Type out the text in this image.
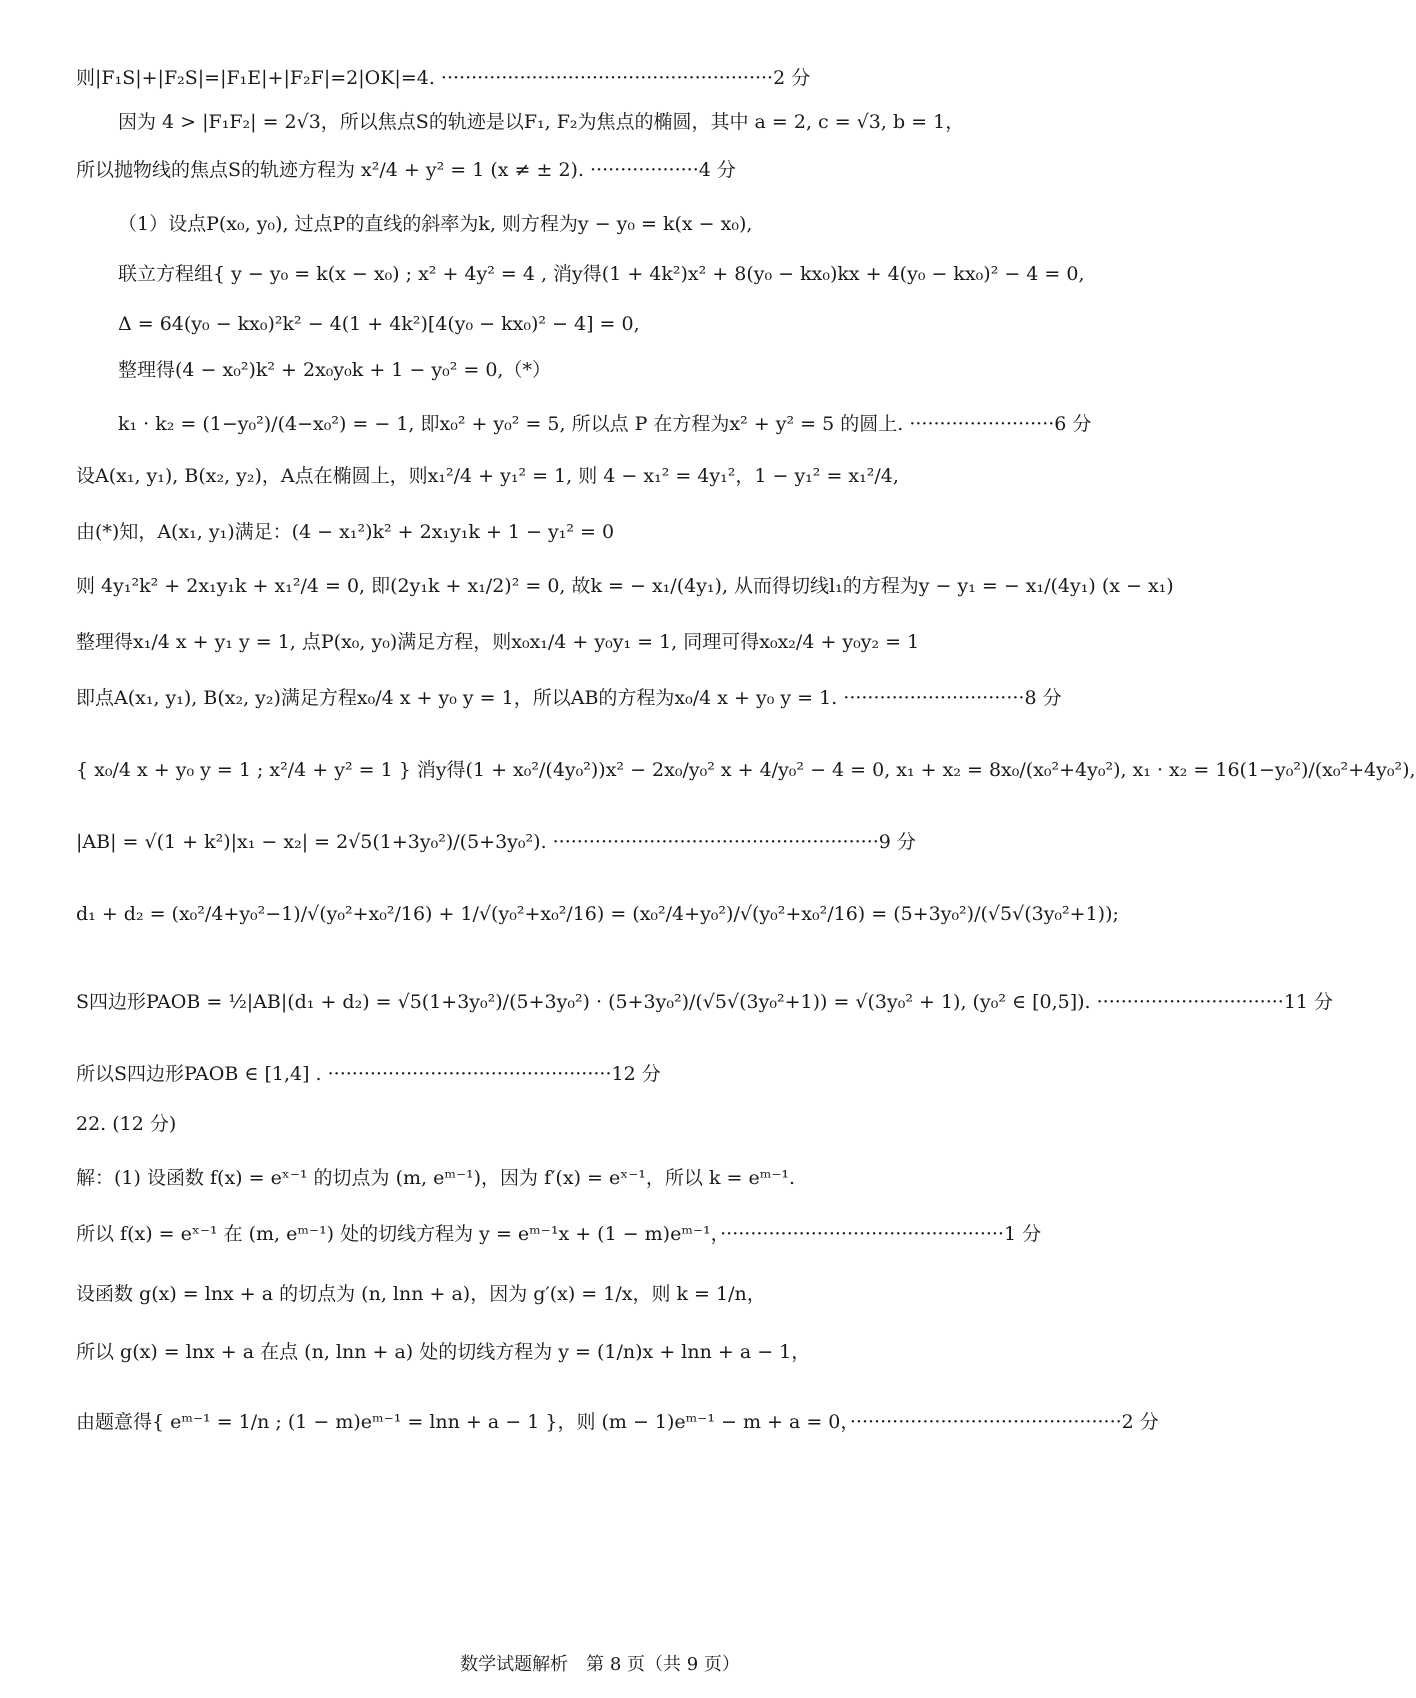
则|F₁S|+|F₂S|=|F₁E|+|F₂F|=2|OK|=4. ·······················································2 分
因为 4 > |F₁F₂| = 2√3，所以焦点S的轨迹是以F₁, F₂为焦点的椭圆，其中 a = 2, c = √3, b = 1，
所以抛物线的焦点S的轨迹方程为 x²/4 + y² = 1 (x ≠ ± 2). ··················4 分
（1）设点P(x₀, y₀), 过点P的直线的斜率为k, 则方程为y − y₀ = k(x − x₀),
联立方程组{ y − y₀ = k(x − x₀) ; x² + 4y² = 4 , 消y得(1 + 4k²)x² + 8(y₀ − kx₀)kx + 4(y₀ − kx₀)² − 4 = 0,
Δ = 64(y₀ − kx₀)²k² − 4(1 + 4k²)[4(y₀ − kx₀)² − 4] = 0,
整理得(4 − x₀²)k² + 2x₀y₀k + 1 − y₀² = 0,（*）
k₁ · k₂ = (1−y₀²)/(4−x₀²) = − 1, 即x₀² + y₀² = 5, 所以点 P 在方程为x² + y² = 5 的圆上. ························6 分
设A(x₁, y₁), B(x₂, y₂)，A点在椭圆上，则x₁²/4 + y₁² = 1, 则 4 − x₁² = 4y₁²，1 − y₁² = x₁²/4,
由(*)知，A(x₁, y₁)满足：(4 − x₁²)k² + 2x₁y₁k + 1 − y₁² = 0
则 4y₁²k² + 2x₁y₁k + x₁²/4 = 0, 即(2y₁k + x₁/2)² = 0, 故k = − x₁/(4y₁), 从而得切线l₁的方程为y − y₁ = − x₁/(4y₁) (x − x₁)
整理得x₁/4 x + y₁ y = 1, 点P(x₀, y₀)满足方程，则x₀x₁/4 + y₀y₁ = 1, 同理可得x₀x₂/4 + y₀y₂ = 1
即点A(x₁, y₁), B(x₂, y₂)满足方程x₀/4 x + y₀ y = 1，所以AB的方程为x₀/4 x + y₀ y = 1. ······························8 分
{ x₀/4 x + y₀ y = 1 ; x²/4 + y² = 1 } 消y得(1 + x₀²/(4y₀²))x² − 2x₀/y₀² x + 4/y₀² − 4 = 0, x₁ + x₂ = 8x₀/(x₀²+4y₀²), x₁ · x₂ = 16(1−y₀²)/(x₀²+4y₀²),
|AB| = √(1 + k²)|x₁ − x₂| = 2√5(1+3y₀²)/(5+3y₀²). ······················································9 分
d₁ + d₂ = (x₀²/4+y₀²−1)/√(y₀²+x₀²/16) + 1/√(y₀²+x₀²/16) = (x₀²/4+y₀²)/√(y₀²+x₀²/16) = (5+3y₀²)/(√5√(3y₀²+1));
S四边形PAOB = ½|AB|(d₁ + d₂) = √5(1+3y₀²)/(5+3y₀²) · (5+3y₀²)/(√5√(3y₀²+1)) = √(3y₀² + 1), (y₀² ∈ [0,5]). ·······························11 分
所以S四边形PAOB ∈ [1,4] . ···············································12 分
22. (12 分)
解：(1) 设函数 f(x) = eˣ⁻¹ 的切点为 (m, eᵐ⁻¹)，因为 f′(x) = eˣ⁻¹，所以 k = eᵐ⁻¹.
所以 f(x) = eˣ⁻¹ 在 (m, eᵐ⁻¹) 处的切线方程为 y = eᵐ⁻¹x + (1 − m)eᵐ⁻¹，···············································1 分
设函数 g(x) = lnx + a 的切点为 (n, lnn + a)，因为 g′(x) = 1/x，则 k = 1/n，
所以 g(x) = lnx + a 在点 (n, lnn + a) 处的切线方程为 y = (1/n)x + lnn + a − 1，
由题意得{ eᵐ⁻¹ = 1/n ; (1 − m)eᵐ⁻¹ = lnn + a − 1 }，则 (m − 1)eᵐ⁻¹ − m + a = 0，·············································2 分
数学试题解析　第 8 页（共 9 页）
